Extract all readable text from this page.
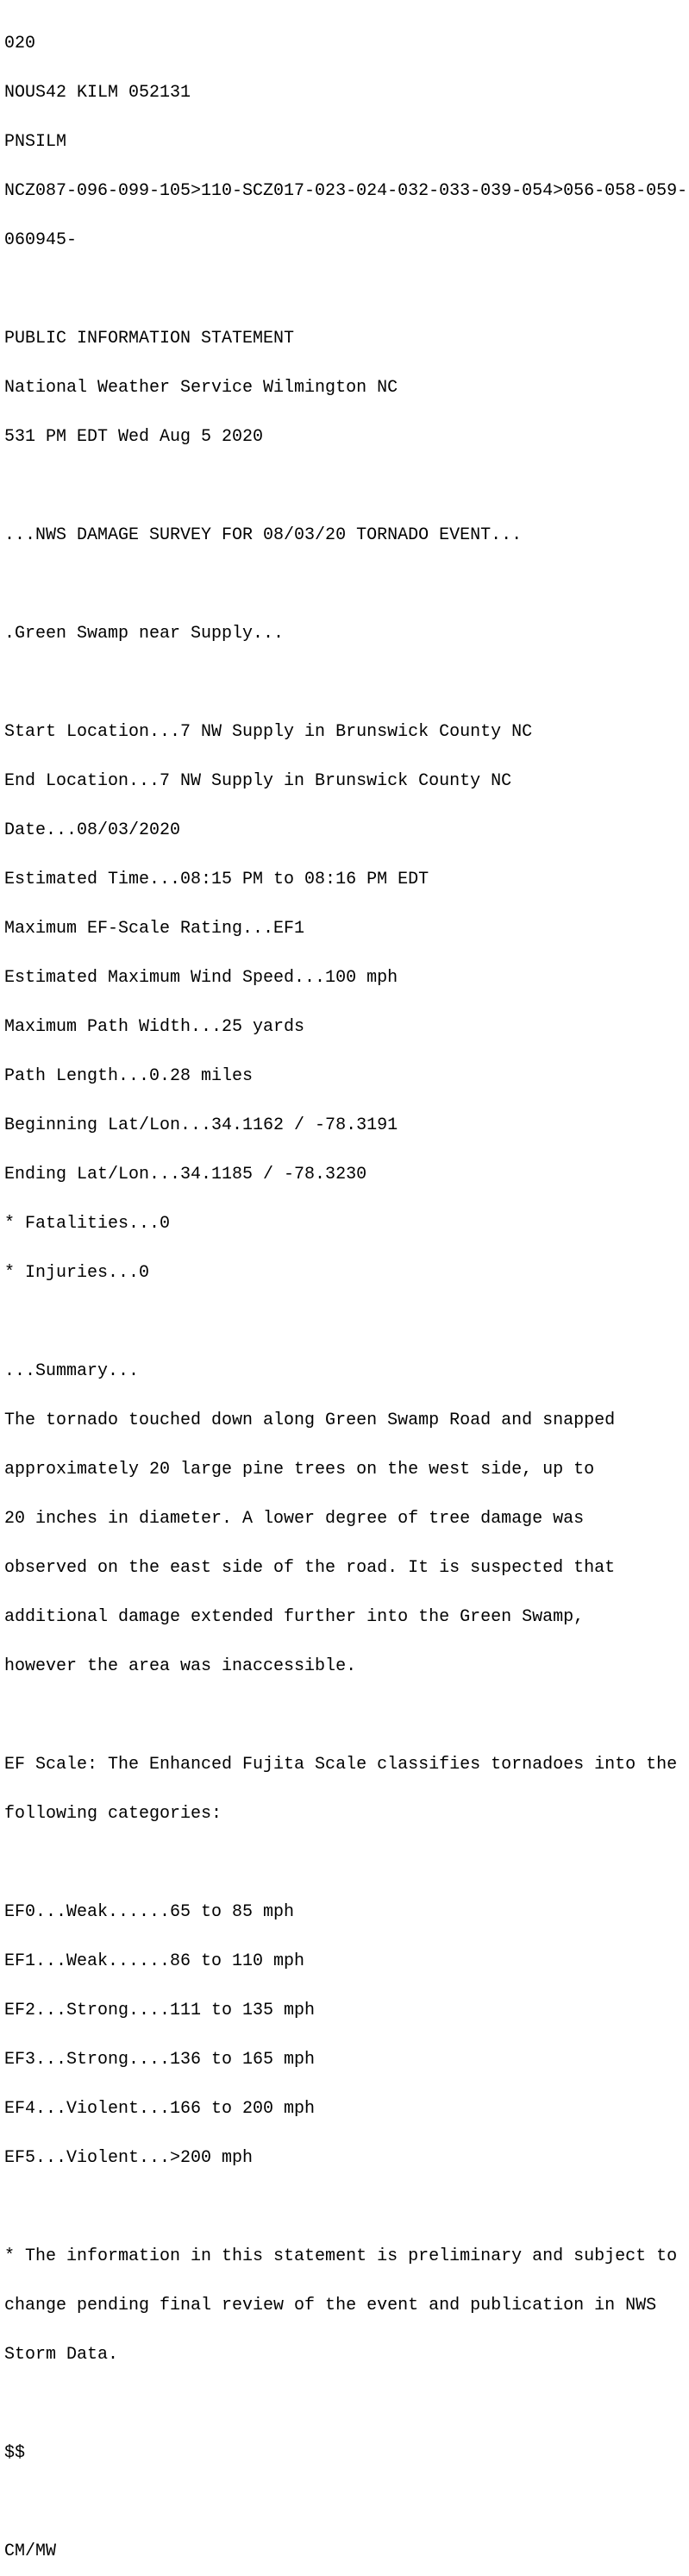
020

NOUS42 KILM 052131

PNSILM

NCZ087-096-099-105>110-SCZ017-023-024-032-033-039-054>056-058-059-

060945-

PUBLIC INFORMATION STATEMENT

National Weather Service Wilmington NC

531 PM EDT Wed Aug 5 2020

...NWS DAMAGE SURVEY FOR 08/03/20 TORNADO EVENT...

.Green Swamp near Supply...

Start Location...7 NW Supply in Brunswick County NC

End Location...7 NW Supply in Brunswick County NC

Date...08/03/2020

Estimated Time...08:15 PM to 08:16 PM EDT

Maximum EF-Scale Rating...EF1

Estimated Maximum Wind Speed...100 mph

Maximum Path Width...25 yards

Path Length...0.28 miles

Beginning Lat/Lon...34.1162 / -78.3191

Ending Lat/Lon...34.1185 / -78.3230

* Fatalities...0

* Injuries...0

...Summary...

The tornado touched down along Green Swamp Road and snapped

approximately 20 large pine trees on the west side, up to

20 inches in diameter. A lower degree of tree damage was

observed on the east side of the road. It is suspected that

additional damage extended further into the Green Swamp,

however the area was inaccessible.

EF Scale: The Enhanced Fujita Scale classifies tornadoes into the

following categories:

EF0...Weak......65 to 85 mph

EF1...Weak......86 to 110 mph

EF2...Strong....111 to 135 mph

EF3...Strong....136 to 165 mph

EF4...Violent...166 to 200 mph

EF5...Violent...>200 mph

* The information in this statement is preliminary and subject to

change pending final review of the event and publication in NWS

Storm Data.

$$

CM/MW
